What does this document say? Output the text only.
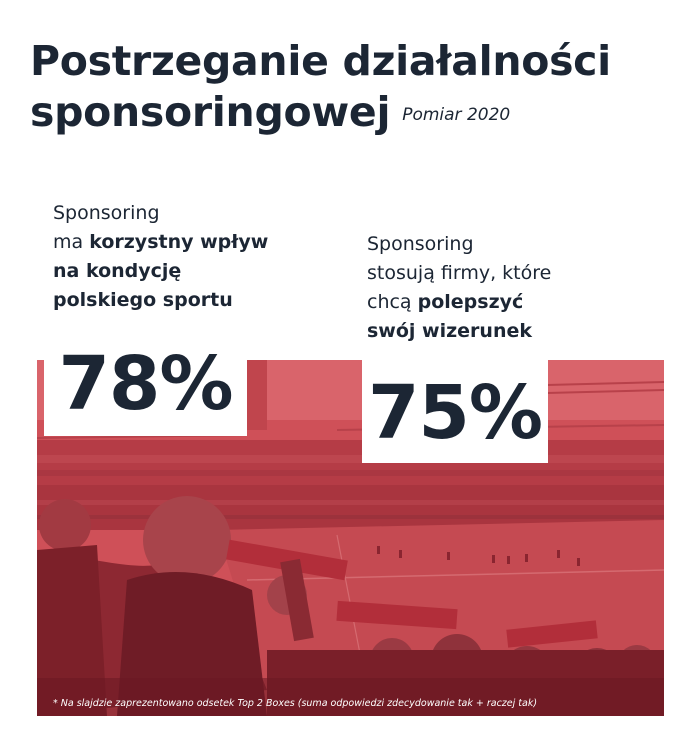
Postrzeganie działalności
sponsoringowej Pomiar 2020
Sponsoring
ma korzystny wpływ
na kondycję
polskiego sportu
Sponsoring
stosują firmy, które
chcą polepszyć
swój wizerunek
78% 75%
* Na slajdzie zaprezentowano odsetek Top 2 Boxes (suma odpowiedzi zdecydowanie tak + raczej tak)
